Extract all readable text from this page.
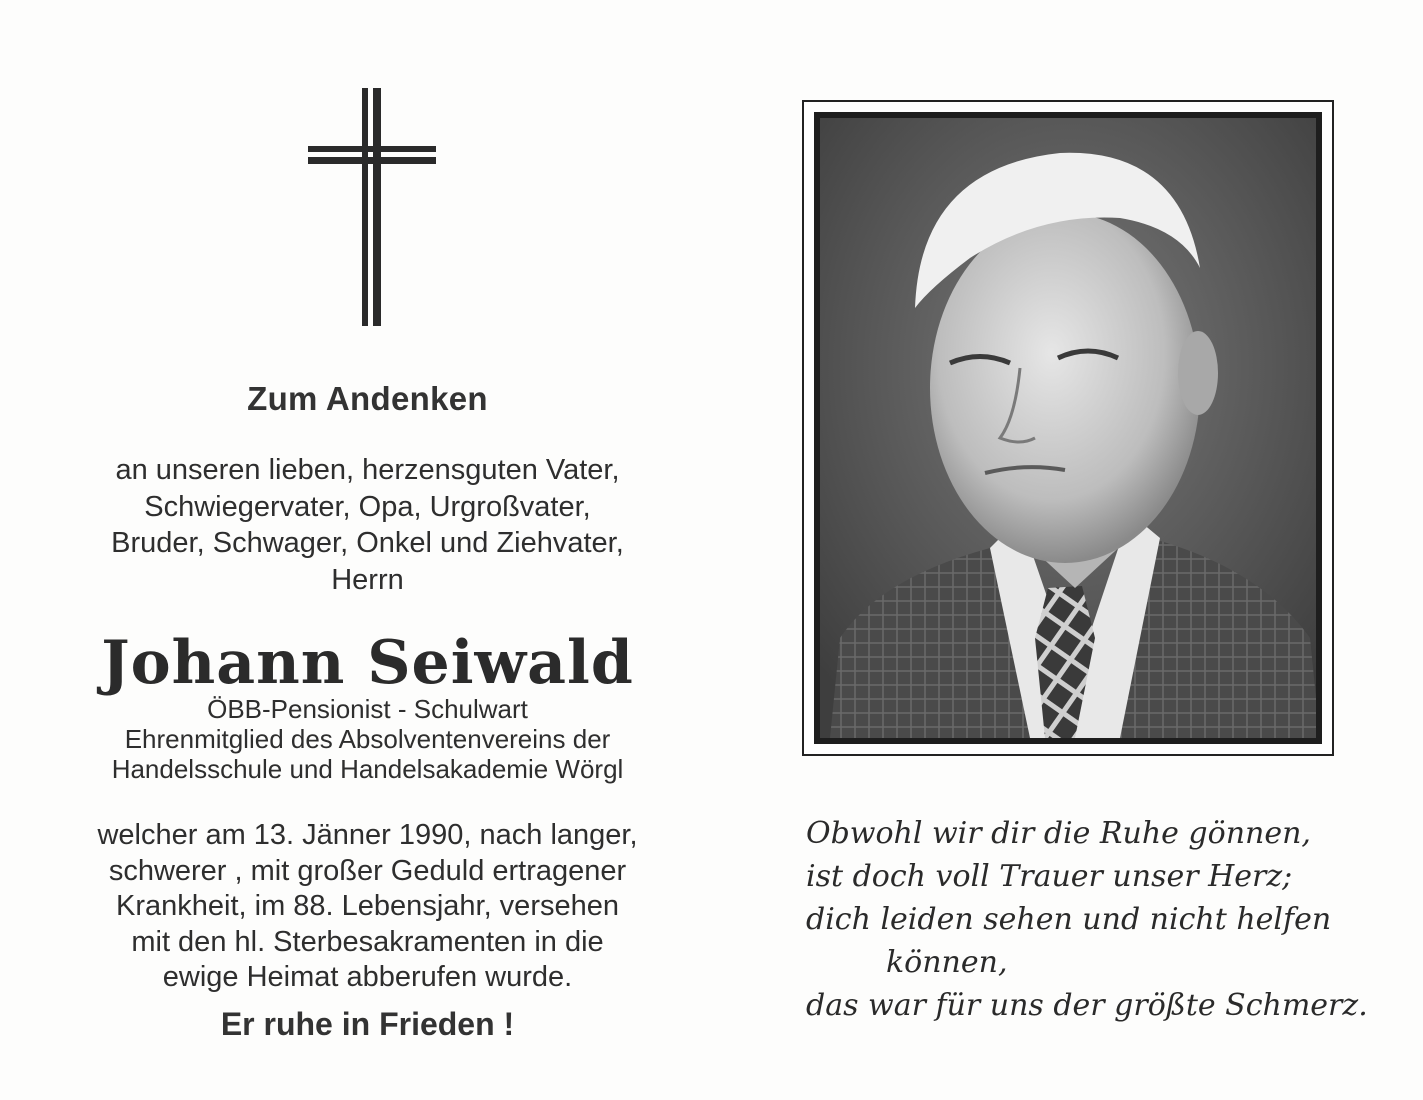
Zum Andenken
an unseren lieben, herzensguten Vater,
Schwiegervater, Opa, Urgroßvater,
Bruder, Schwager, Onkel und Ziehvater,
Herrn
Johann Seiwald
ÖBB-Pensionist - Schulwart
Ehrenmitglied des Absolventenvereins der
Handelsschule und Handelsakademie Wörgl
welcher am 13. Jänner 1990, nach langer,
schwerer , mit großer Geduld ertragener
Krankheit, im 88. Lebensjahr, versehen
mit den hl. Sterbesakramenten in die
ewige Heimat abberufen wurde.
Er ruhe in Frieden !
Obwohl wir dir die Ruhe gönnen,
ist doch voll Trauer unser Herz;
dich leiden sehen und nicht helfen
können,
das war für uns der größte Schmerz.
